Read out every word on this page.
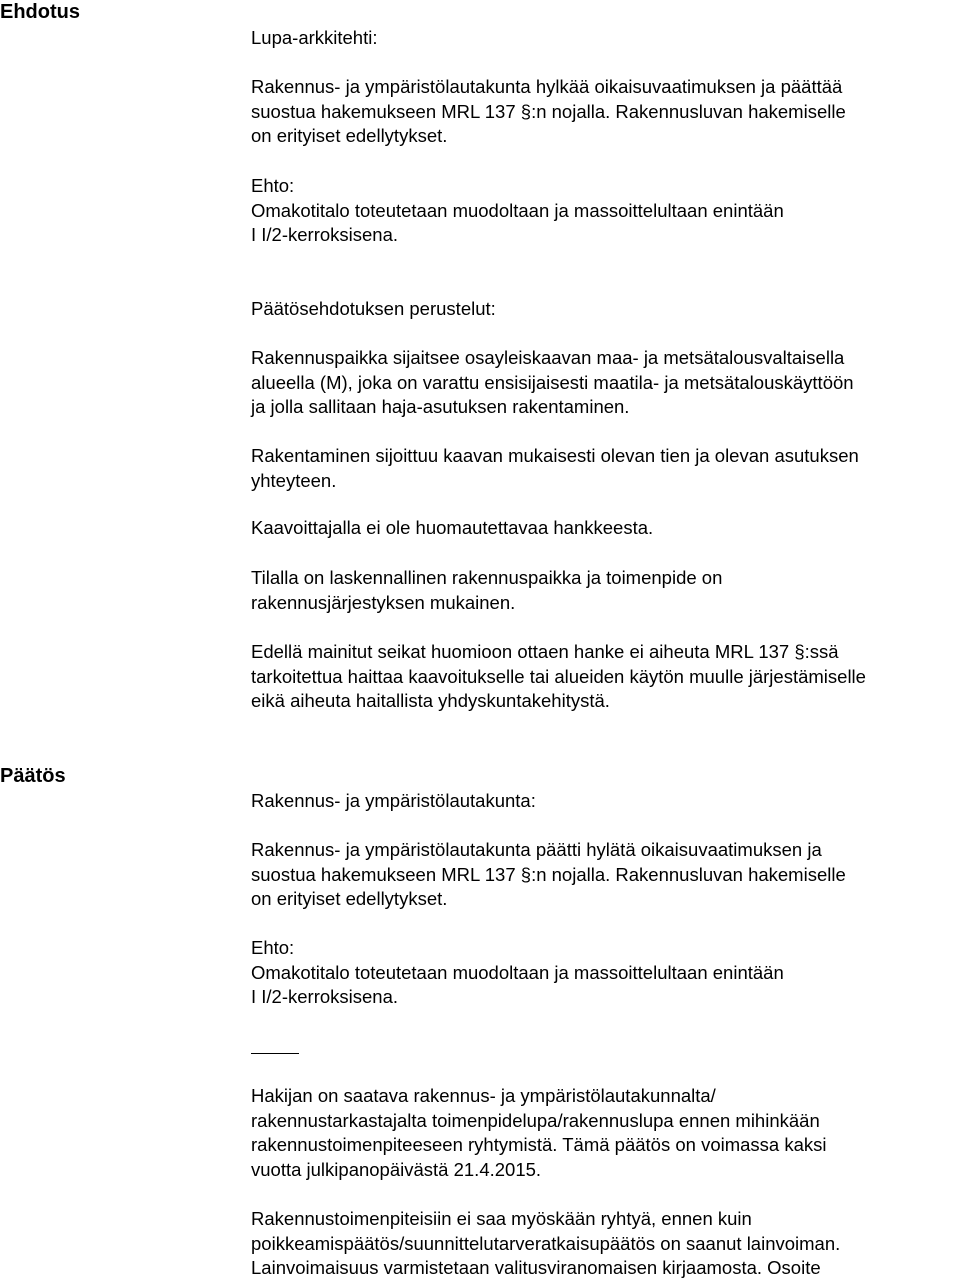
Ehdotus

Lupa-arkkitehti:

Rakennus- ja ympäristölautakunta hylkää oikaisuvaatimuksen ja päättää

suostua hakemukseen MRL 137 §:n nojalla. Rakennusluvan hakemiselle

on erityiset edellytykset.

Ehto:

Omakotitalo toteutetaan muodoltaan ja massoittelultaan enintään

I I/2-kerroksisena.

Päätösehdotuksen perustelut:

Rakennuspaikka sijaitsee osayleiskaavan maa- ja metsätalousvaltaisella

alueella (M), joka on varattu ensisijaisesti maatila- ja metsätalouskäyttöön

ja jolla sallitaan haja-asutuksen rakentaminen.

Rakentaminen sijoittuu kaavan mukaisesti olevan tien ja olevan asutuksen

yhteyteen.

Kaavoittajalla ei ole huomautettavaa hankkeesta.

Tilalla on laskennallinen rakennuspaikka ja toimenpide on

rakennusjärjestyksen mukainen.

Edellä mainitut seikat huomioon ottaen hanke ei aiheuta MRL 137 §:ssä

tarkoitettua haittaa kaavoitukselle tai alueiden käytön muulle järjestämiselle

eikä aiheuta haitallista yhdyskuntakehitystä.

Päätös

Rakennus- ja ympäristölautakunta:

Rakennus- ja ympäristölautakunta päätti hylätä oikaisuvaatimuksen ja

suostua hakemukseen MRL 137 §:n nojalla. Rakennusluvan hakemiselle

on erityiset edellytykset.

Ehto:

Omakotitalo toteutetaan muodoltaan ja massoittelultaan enintään

I I/2-kerroksisena.

Hakijan on saatava rakennus- ja ympäristölautakunnalta/

rakennustarkastajalta toimenpidelupa/rakennuslupa ennen mihinkään

rakennustoimenpiteeseen ryhtymistä. Tämä päätös on voimassa kaksi

vuotta julkipanopäivästä 21.4.2015.

Rakennustoimenpiteisiin ei saa myöskään ryhtyä, ennen kuin

poikkeamispäätös/suunnittelutarveratkaisupäätös on saanut lainvoiman.

Lainvoimaisuus varmistetaan valitusviranomaisen kirjaamosta. Osoite
